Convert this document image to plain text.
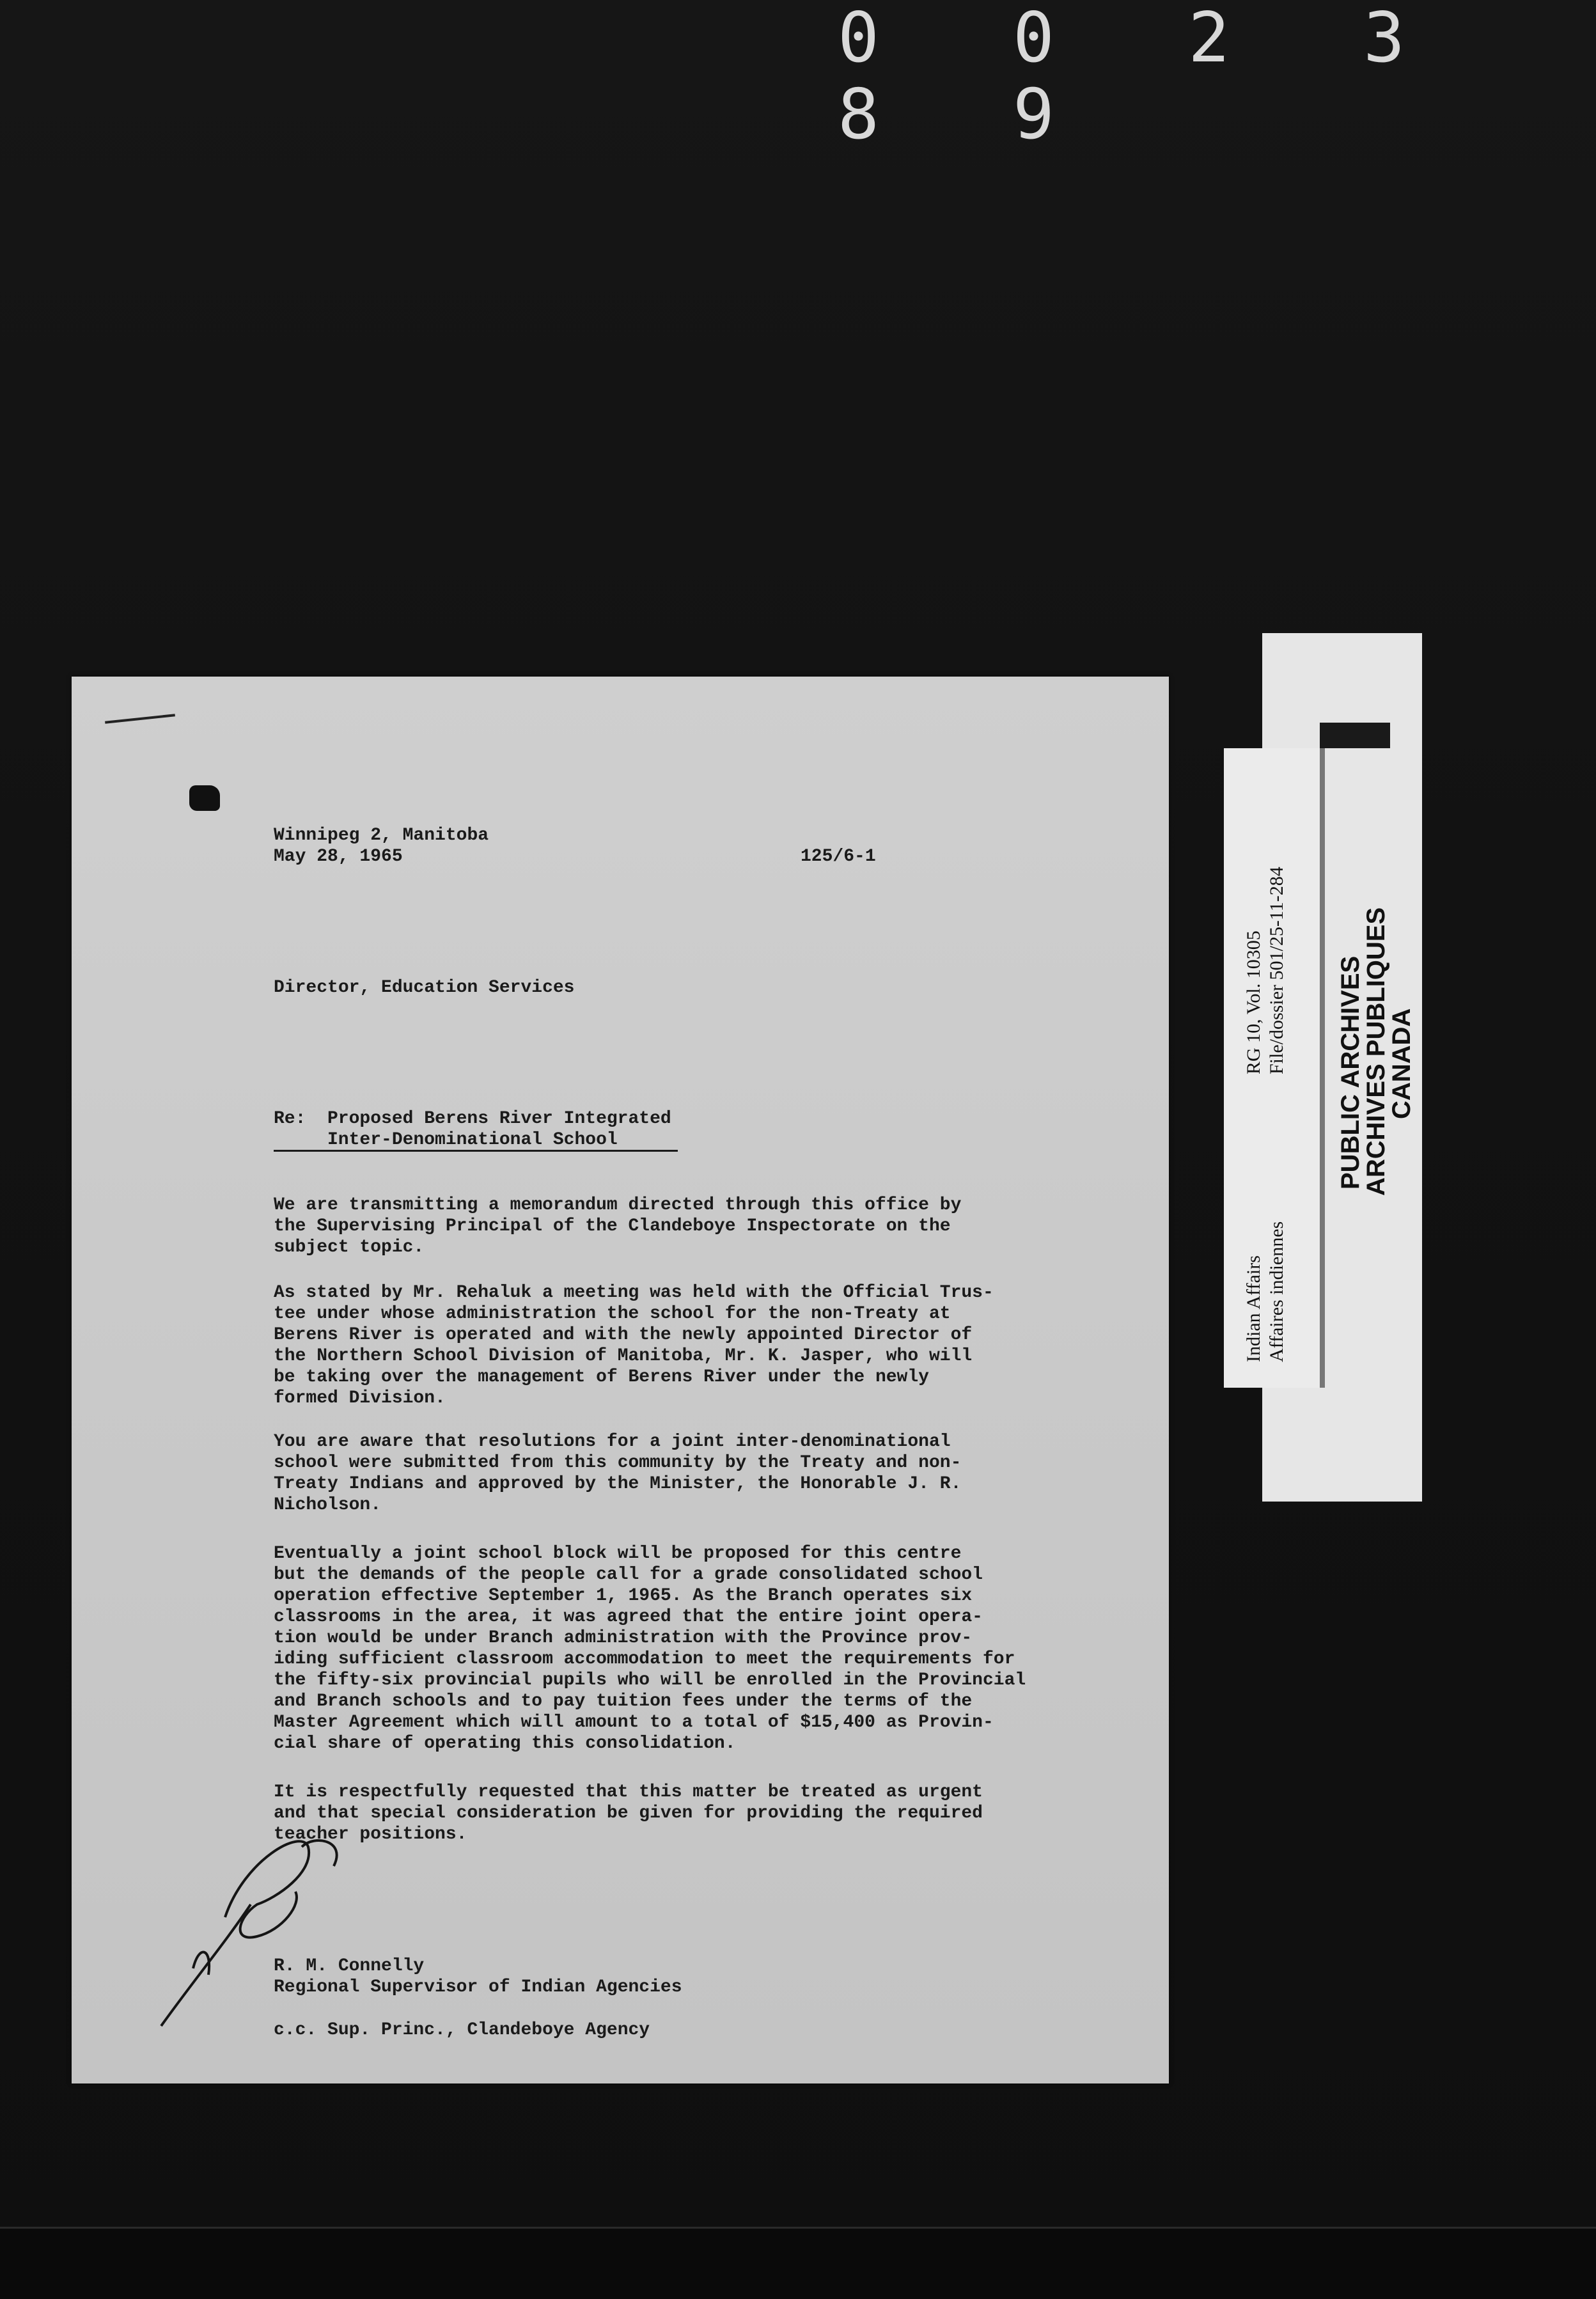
0 0 2 3 8 9
Winnipeg 2, Manitoba
May 28, 1965	125/6-1
Director, Education Services
Re: Proposed Berens River Integrated
Inter-Denominational School
We are transmitting a memorandum directed through this office by
the Supervising Principal of the Clandeboye Inspectorate on the
subject topic.
As stated by Mr. Rehaluk a meeting was held with the Official Trus-
tee under whose administration the school for the non-Treaty at
Berens River is operated and with the newly appointed Director of
the Northern School Division of Manitoba, Mr. K. Jasper, who will
be taking over the management of Berens River under the newly
formed Division.
You are aware that resolutions for a joint inter-denominational
school were submitted from this community by the Treaty and non-
Treaty Indians and approved by the Minister, the Honorable J. R.
Nicholson.
Eventually a joint school block will be proposed for this centre
but the demands of the people call for a grade consolidated school
operation effective September 1, 1965. As the Branch operates six
classrooms in the area, it was agreed that the entire joint opera-
tion would be under Branch administration with the Province prov-
iding sufficient classroom accommodation to meet the requirements for
the fifty-six provincial pupils who will be enrolled in the Provincial
and Branch schools and to pay tuition fees under the terms of the
Master Agreement which will amount to a total of $15,400 as Provin-
cial share of operating this consolidation.
It is respectfully requested that this matter be treated as urgent
and that special consideration be given for providing the required
teacher positions.
R. M. Connelly
Regional Supervisor of Indian Agencies
c.c. Sup. Princ., Clandeboye Agency
Indian Affairs Affaires indiennes
RG 10, Vol. 10305 File/dossier 501/25-11-284 PUBLIC ARCHIVES
ARCHIVES PUBLIQUES
CANADA
